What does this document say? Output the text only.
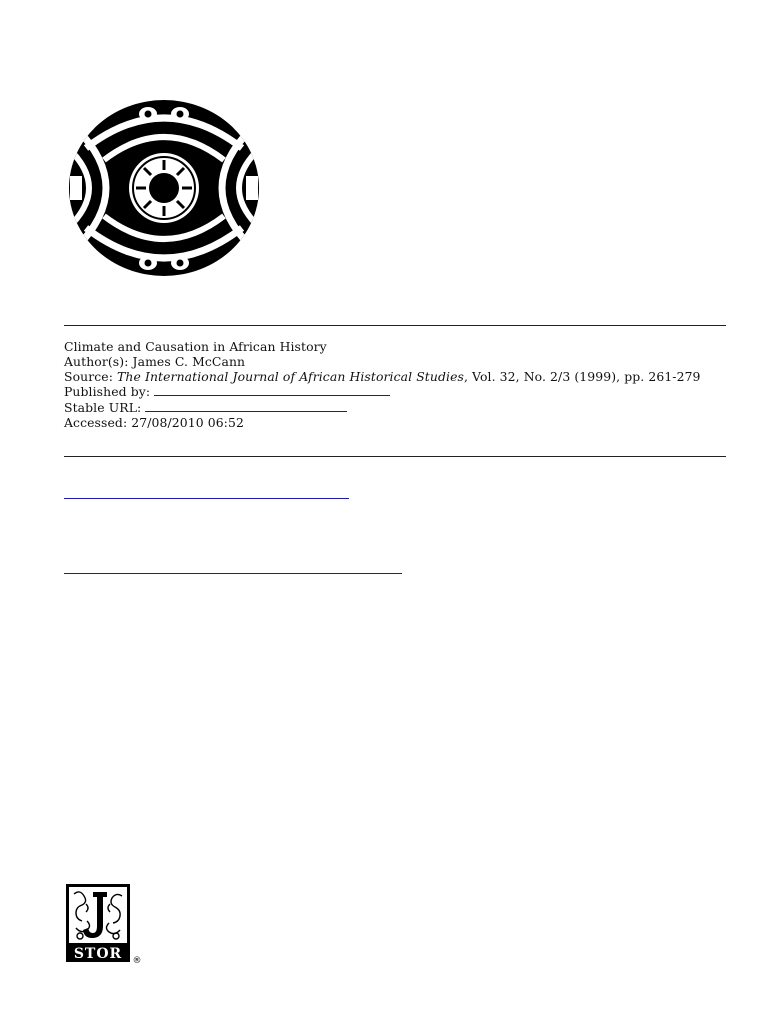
Climate and Causation in African History
Author(s): James C. McCann
Source: The International Journal of African Historical Studies, Vol. 32, No. 2/3 (1999), pp. 261-279
Published by:
Stable URL:
Accessed: 27/08/2010 06:52
STOR ®
